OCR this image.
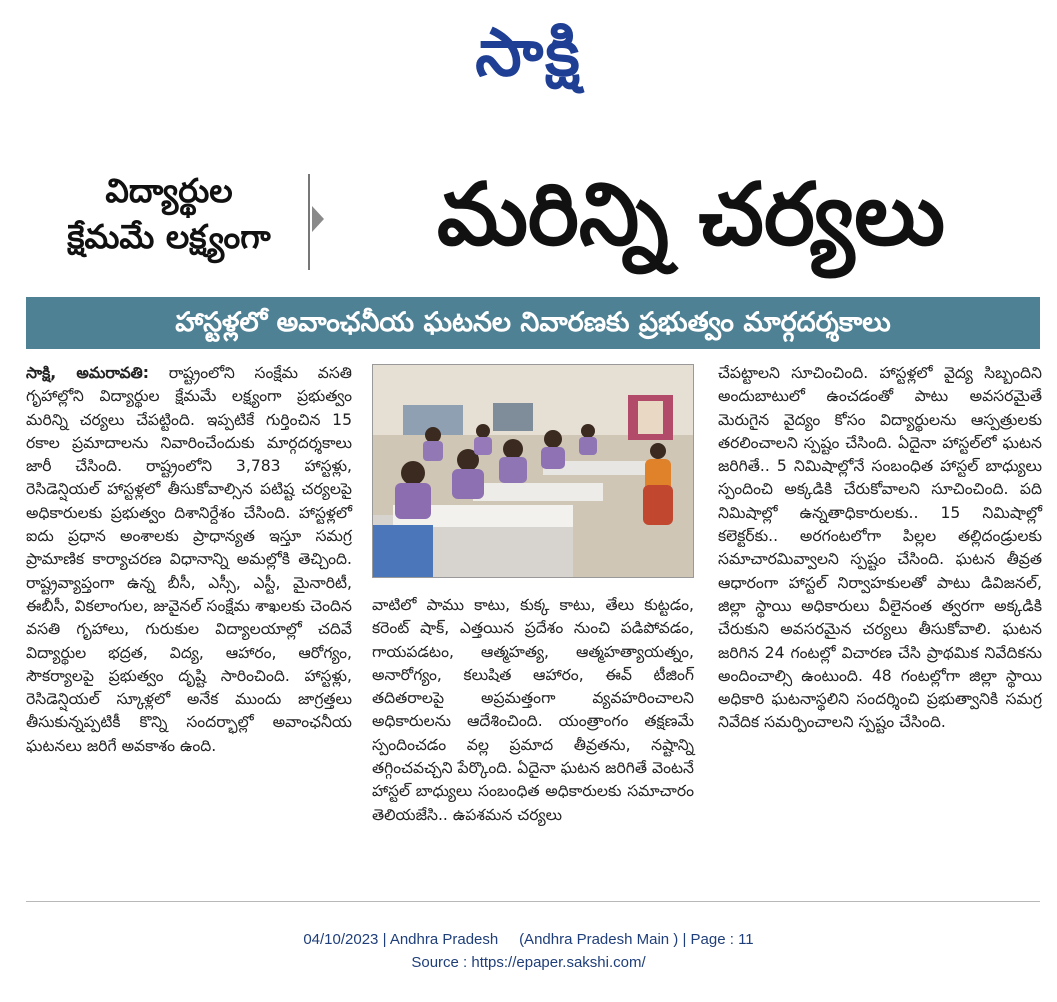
సాక్షి
విద్యార్థుల
క్షేమమే లక్ష్యంగా	మరిన్ని చర్యలు
హాస్టళ్లలో అవాంఛనీయ ఘటనల నివారణకు ప్రభుత్వం మార్గదర్శకాలు
సాక్షి, అమరావతి: రాష్ట్రంలోని సంక్షేమ వసతి గృహాల్లోని విద్యార్థుల క్షేమమే లక్ష్యంగా ప్రభుత్వం మరిన్ని చర్యలు చేపట్టింది. ఇప్పటికే గుర్తించిన 15 రకాల ప్రమాదాలను నివారించేందుకు మార్గదర్శకాలు జారీ చేసింది. రాష్ట్రంలోని 3,783 హాస్టళ్లు, రెసిడెన్షియల్ హాస్టళ్లలో తీసుకోవాల్సిన పటిష్ట చర్యలపై అధికారులకు ప్రభుత్వం దిశానిర్దేశం చేసింది. హాస్టళ్లలో ఐదు ప్రధాన అంశాలకు ప్రాధాన్యత ఇస్తూ సమగ్ర ప్రామాణిక కార్యాచరణ విధానాన్ని అమల్లోకి తెచ్చింది. రాష్ట్రవ్యాప్తంగా ఉన్న బీసీ, ఎస్సీ, ఎస్టీ, మైనారిటీ, ఈబీసీ, వికలాంగుల, జువైనల్ సంక్షేమ శాఖలకు చెందిన వసతి గృహాలు, గురుకుల విద్యాలయాల్లో చదివే విద్యార్థుల భద్రత, విద్య, ఆహారం, ఆరోగ్యం, సౌకర్యాలపై ప్రభుత్వం దృష్టి సారించింది. హాస్టళ్లు, రెసిడెన్షియల్ స్కూళ్లలో అనేక ముందు జాగ్రత్తలు తీసుకున్నప్పటికీ కొన్ని సందర్భాల్లో అవాంఛనీయ ఘటనలు జరిగే అవకాశం ఉంది.
వాటిలో పాము కాటు, కుక్క కాటు, తేలు కుట్టడం, కరెంట్ షాక్, ఎత్తయిన ప్రదేశం నుంచి పడిపోవడం, గాయపడటం, ఆత్మహత్య, ఆత్మహత్యాయత్నం, అనారోగ్యం, కలుషిత ఆహారం, ఈవ్ టీజింగ్ తదితరాలపై అప్రమత్తంగా వ్యవహరించాలని అధికారులను ఆదేశించింది. యంత్రాంగం తక్షణమే స్పందించడం వల్ల ప్రమాద తీవ్రతను, నష్టాన్ని తగ్గించవచ్చని పేర్కొంది. ఏదైనా ఘటన జరిగితే వెంటనే హాస్టల్ బాధ్యులు సంబంధిత అధికారులకు సమాచారం తెలియజేసి.. ఉపశమన చర్యలు
చేపట్టాలని సూచించింది. హాస్టళ్లలో వైద్య సిబ్బందిని అందుబాటులో ఉంచడంతో పాటు అవసరమైతే మెరుగైన వైద్యం కోసం విద్యార్థులను ఆస్పత్రులకు తరలించాలని స్పష్టం చేసింది. ఏదైనా హాస్టల్‌లో ఘటన జరిగితే.. 5 నిమిషాల్లోనే సంబంధిత హాస్టల్ బాధ్యులు స్పందించి అక్కడికి చేరుకోవాలని సూచించింది. పది నిమిషాల్లో ఉన్నతాధికారులకు.. 15 నిమిషాల్లో కలెక్టర్‌కు.. అరగంటలోగా పిల్లల తల్లిదండ్రులకు సమాచారమివ్వాలని స్పష్టం చేసింది. ఘటన తీవ్రత ఆధారంగా హాస్టల్ నిర్వాహకులతో పాటు డివిజనల్, జిల్లా స్థాయి అధికారులు వీలైనంత త్వరగా అక్కడికి చేరుకుని అవసరమైన చర్యలు తీసుకోవాలి. ఘటన జరిగిన 24 గంటల్లో విచారణ చేసి ప్రాథమిక నివేదికను అందించాల్సి ఉంటుంది. 48 గంటల్లోగా జిల్లా స్థాయి అధికారి ఘటనాస్థలిని సందర్శించి ప్రభుత్వానికి సమగ్ర నివేదిక సమర్పించాలని స్పష్టం చేసింది.
04/10/2023 | Andhra Pradesh (Andhra Pradesh Main ) | Page : 11
Source : https://epaper.sakshi.com/
